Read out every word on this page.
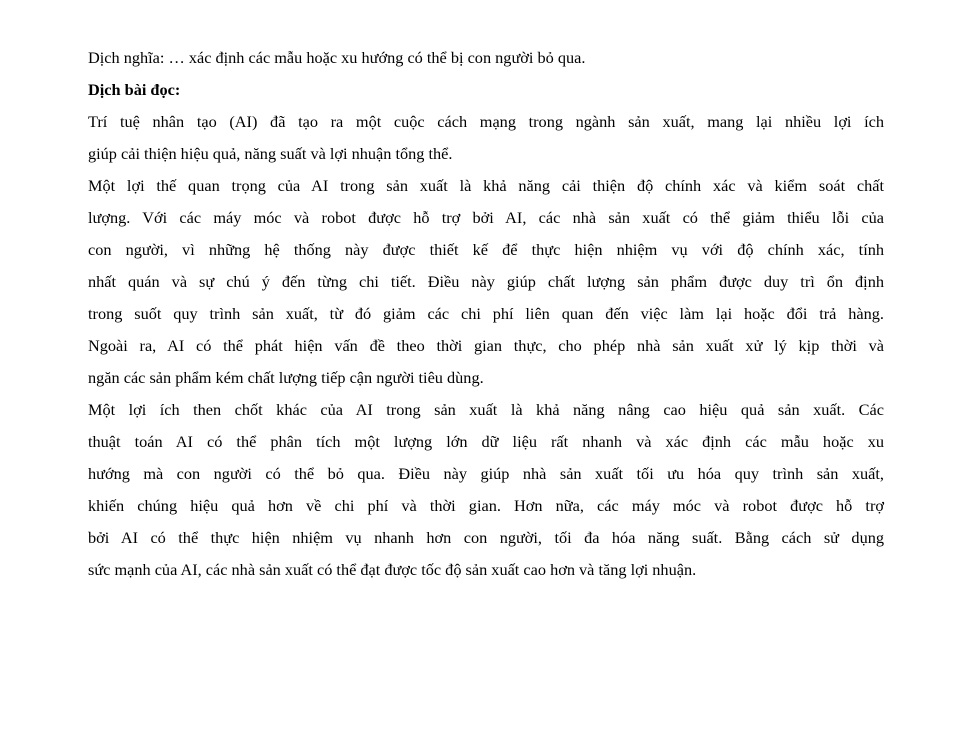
Dịch nghĩa: … xác định các mẫu hoặc xu hướng có thể bị con người bỏ qua.
Dịch bài đọc:
Trí tuệ nhân tạo (AI) đã tạo ra một cuộc cách mạng trong ngành sản xuất, mang lại nhiều lợi ích
giúp cải thiện hiệu quả, năng suất và lợi nhuận tổng thể.
Một lợi thế quan trọng của AI trong sản xuất là khả năng cải thiện độ chính xác và kiểm soát chất
lượng. Với các máy móc và robot được hỗ trợ bởi AI, các nhà sản xuất có thể giảm thiểu lỗi của
con người, vì những hệ thống này được thiết kế để thực hiện nhiệm vụ với độ chính xác, tính
nhất quán và sự chú ý đến từng chi tiết. Điều này giúp chất lượng sản phẩm được duy trì ổn định
trong suốt quy trình sản xuất, từ đó giảm các chi phí liên quan đến việc làm lại hoặc đổi trả hàng.
Ngoài ra, AI có thể phát hiện vấn đề theo thời gian thực, cho phép nhà sản xuất xử lý kịp thời và
ngăn các sản phẩm kém chất lượng tiếp cận người tiêu dùng.
Một lợi ích then chốt khác của AI trong sản xuất là khả năng nâng cao hiệu quả sản xuất. Các
thuật toán AI có thể phân tích một lượng lớn dữ liệu rất nhanh và xác định các mẫu hoặc xu
hướng mà con người có thể bỏ qua. Điều này giúp nhà sản xuất tối ưu hóa quy trình sản xuất,
khiến chúng hiệu quả hơn về chi phí và thời gian. Hơn nữa, các máy móc và robot được hỗ trợ
bởi AI có thể thực hiện nhiệm vụ nhanh hơn con người, tối đa hóa năng suất. Bằng cách sử dụng
sức mạnh của AI, các nhà sản xuất có thể đạt được tốc độ sản xuất cao hơn và tăng lợi nhuận.
